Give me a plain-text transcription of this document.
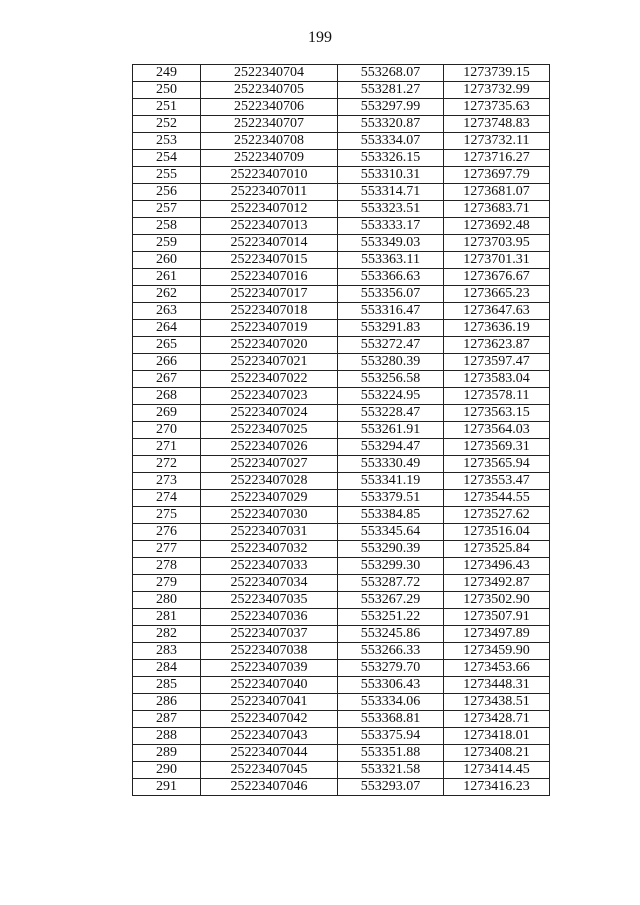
199
249	2522340704	553268.07	1273739.15
250	2522340705	553281.27	1273732.99
251	2522340706	553297.99	1273735.63
252	2522340707	553320.87	1273748.83
253	2522340708	553334.07	1273732.11
254	2522340709	553326.15	1273716.27
255	25223407010	553310.31	1273697.79
256	25223407011	553314.71	1273681.07
257	25223407012	553323.51	1273683.71
258	25223407013	553333.17	1273692.48
259	25223407014	553349.03	1273703.95
260	25223407015	553363.11	1273701.31
261	25223407016	553366.63	1273676.67
262	25223407017	553356.07	1273665.23
263	25223407018	553316.47	1273647.63
264	25223407019	553291.83	1273636.19
265	25223407020	553272.47	1273623.87
266	25223407021	553280.39	1273597.47
267	25223407022	553256.58	1273583.04
268	25223407023	553224.95	1273578.11
269	25223407024	553228.47	1273563.15
270	25223407025	553261.91	1273564.03
271	25223407026	553294.47	1273569.31
272	25223407027	553330.49	1273565.94
273	25223407028	553341.19	1273553.47
274	25223407029	553379.51	1273544.55
275	25223407030	553384.85	1273527.62
276	25223407031	553345.64	1273516.04
277	25223407032	553290.39	1273525.84
278	25223407033	553299.30	1273496.43
279	25223407034	553287.72	1273492.87
280	25223407035	553267.29	1273502.90
281	25223407036	553251.22	1273507.91
282	25223407037	553245.86	1273497.89
283	25223407038	553266.33	1273459.90
284	25223407039	553279.70	1273453.66
285	25223407040	553306.43	1273448.31
286	25223407041	553334.06	1273438.51
287	25223407042	553368.81	1273428.71
288	25223407043	553375.94	1273418.01
289	25223407044	553351.88	1273408.21
290	25223407045	553321.58	1273414.45
291	25223407046	553293.07	1273416.23
